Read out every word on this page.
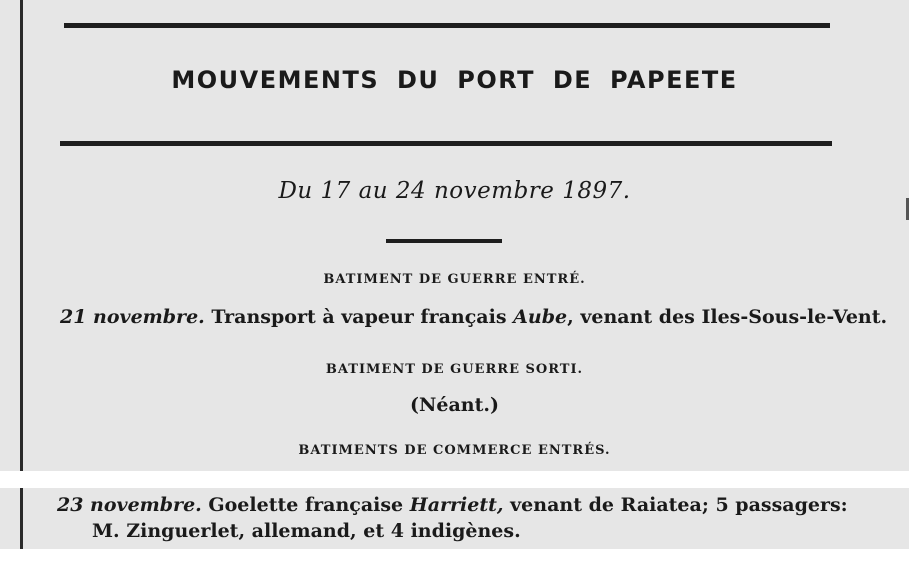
MOUVEMENTS DU PORT DE PAPEETE
Du 17 au 24 novembre 1897.
BATIMENT DE GUERRE ENTRÉ.
21 novembre. Transport à vapeur français Aube, venant des Iles-Sous-le-Vent.
BATIMENT DE GUERRE SORTI.
(Néant.)
BATIMENTS DE COMMERCE ENTRÉS.
23 novembre. Goelette française Harriett, venant de Raiatea; 5 passagers:
M. Zinguerlet, allemand, et 4 indigènes.
